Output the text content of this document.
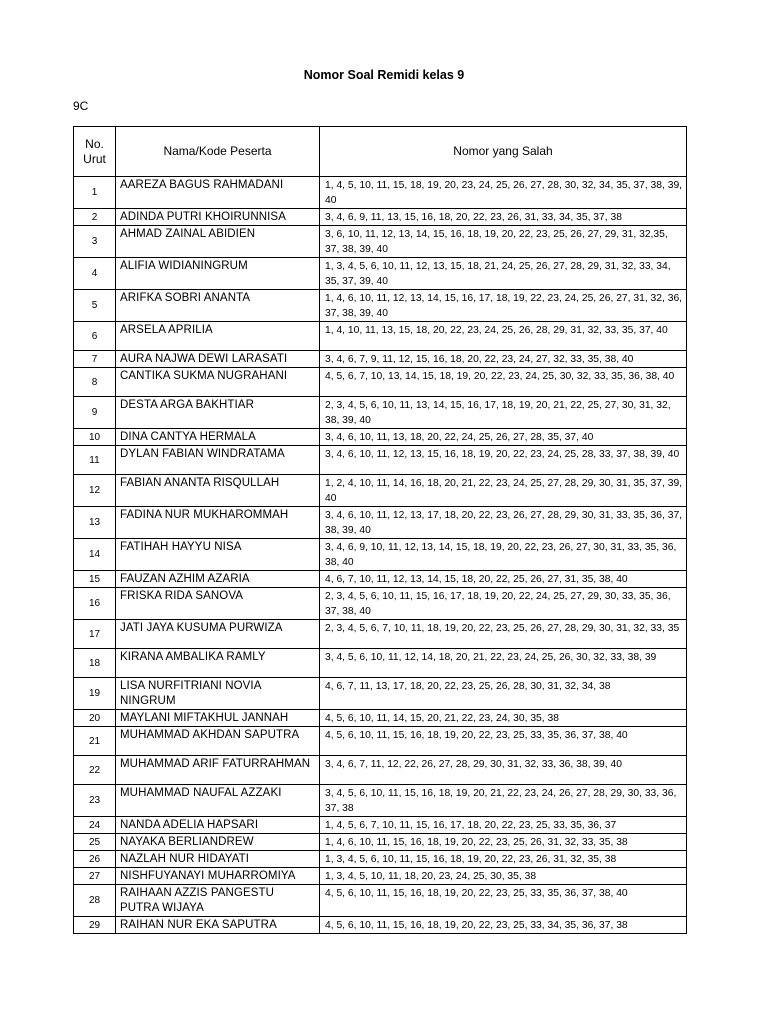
Nomor Soal Remidi kelas 9
9C
No. Urut	Nama/Kode Peserta	Nomor yang Salah
1	AAREZA BAGUS RAHMADANI	1, 4, 5, 10, 11, 15, 18, 19, 20, 23, 24, 25, 26, 27, 28, 30, 32, 34, 35, 37, 38, 39, 40
2	ADINDA PUTRI KHOIRUNNISA	3, 4, 6, 9, 11, 13, 15, 16, 18, 20, 22, 23, 26, 31, 33, 34, 35, 37, 38
3	AHMAD ZAINAL ABIDIEN	3, 6, 10, 11, 12, 13, 14, 15, 16, 18, 19, 20, 22, 23, 25, 26, 27, 29, 31, 32,35, 37, 38, 39, 40
4	ALIFIA WIDIANINGRUM	1, 3, 4, 5, 6, 10, 11, 12, 13, 15, 18, 21, 24, 25, 26, 27, 28, 29, 31, 32, 33, 34, 35, 37, 39, 40
5	ARIFKA SOBRI ANANTA	1, 4, 6, 10, 11, 12, 13, 14, 15, 16, 17, 18, 19, 22, 23, 24, 25, 26, 27, 31, 32, 36, 37, 38, 39, 40
6	ARSELA APRILIA	1, 4, 10, 11, 13, 15, 18, 20, 22, 23, 24, 25, 26, 28, 29, 31, 32, 33, 35, 37, 40
7	AURA NAJWA DEWI LARASATI	3, 4, 6, 7, 9, 11, 12, 15, 16, 18, 20, 22, 23, 24, 27, 32, 33, 35, 38, 40
8	CANTIKA SUKMA NUGRAHANI	4, 5, 6, 7, 10, 13, 14, 15, 18, 19, 20, 22, 23, 24, 25, 30, 32, 33, 35, 36, 38, 40
9	DESTA ARGA BAKHTIAR	2, 3, 4, 5, 6, 10, 11, 13, 14, 15, 16, 17, 18, 19, 20, 21, 22, 25, 27, 30, 31, 32, 38, 39, 40
10	DINA CANTYA HERMALA	3, 4, 6, 10, 11, 13, 18, 20, 22, 24, 25, 26, 27, 28, 35, 37, 40
11	DYLAN FABIAN WINDRATAMA	3, 4, 6, 10, 11, 12, 13, 15, 16, 18, 19, 20, 22, 23, 24, 25, 28, 33, 37, 38, 39, 40
12	FABIAN ANANTA RISQULLAH	1, 2, 4, 10, 11, 14, 16, 18, 20, 21, 22, 23, 24, 25, 27, 28, 29, 30, 31, 35, 37, 39, 40
13	FADINA NUR MUKHAROMMAH	3, 4, 6, 10, 11, 12, 13, 17, 18, 20, 22, 23, 26, 27, 28, 29, 30, 31, 33, 35, 36, 37, 38, 39, 40
14	FATIHAH HAYYU NISA	3, 4, 6, 9, 10, 11, 12, 13, 14, 15, 18, 19, 20, 22, 23, 26, 27, 30, 31, 33, 35, 36, 38, 40
15	FAUZAN AZHIM AZARIA	4, 6, 7, 10, 11, 12, 13, 14, 15, 18, 20, 22, 25, 26, 27, 31, 35, 38, 40
16	FRISKA RIDA SANOVA	2, 3, 4, 5, 6, 10, 11, 15, 16, 17, 18, 19, 20, 22, 24, 25, 27, 29, 30, 33, 35, 36, 37, 38, 40
17	JATI JAYA KUSUMA PURWIZA	2, 3, 4, 5, 6, 7, 10, 11, 18, 19, 20, 22, 23, 25, 26, 27, 28, 29, 30, 31, 32, 33, 35
18	KIRANA AMBALIKA RAMLY	3, 4, 5, 6, 10, 11, 12, 14, 18, 20, 21, 22, 23, 24, 25, 26, 30, 32, 33, 38, 39
19	LISA NURFITRIANI NOVIA NINGRUM	4, 6, 7, 11, 13, 17, 18, 20, 22, 23, 25, 26, 28, 30, 31, 32, 34, 38
20	MAYLANI MIFTAKHUL JANNAH	4, 5, 6, 10, 11, 14, 15, 20, 21, 22, 23, 24, 30, 35, 38
21	MUHAMMAD AKHDAN SAPUTRA	4, 5, 6, 10, 11, 15, 16, 18, 19, 20, 22, 23, 25, 33, 35, 36, 37, 38, 40
22	MUHAMMAD ARIF FATURRAHMAN	3, 4, 6, 7, 11, 12, 22, 26, 27, 28, 29, 30, 31, 32, 33, 36, 38, 39, 40
23	MUHAMMAD NAUFAL AZZAKI	3, 4, 5, 6, 10, 11, 15, 16, 18, 19, 20, 21, 22, 23, 24, 26, 27, 28, 29, 30, 33, 36, 37, 38
24	NANDA ADELIA HAPSARI	1, 4, 5, 6, 7, 10, 11, 15, 16, 17, 18, 20, 22, 23, 25, 33, 35, 36, 37
25	NAYAKA BERLIANDREW	1, 4, 6, 10, 11, 15, 16, 18, 19, 20, 22, 23, 25, 26, 31, 32, 33, 35, 38
26	NAZLAH NUR HIDAYATI	1, 3, 4, 5, 6, 10, 11, 15, 16, 18, 19, 20, 22, 23, 26, 31, 32, 35, 38
27	NISHFUYANAYI MUHARROMIYA	1, 3, 4, 5, 10, 11, 18, 20, 23, 24, 25, 30, 35, 38
28	RAIHAAN AZZIS PANGESTU PUTRA WIJAYA	4, 5, 6, 10, 11, 15, 16, 18, 19, 20, 22, 23, 25, 33, 35, 36, 37, 38, 40
29	RAIHAN NUR EKA SAPUTRA	4, 5, 6, 10, 11, 15, 16, 18, 19, 20, 22, 23, 25, 33, 34, 35, 36, 37, 38
